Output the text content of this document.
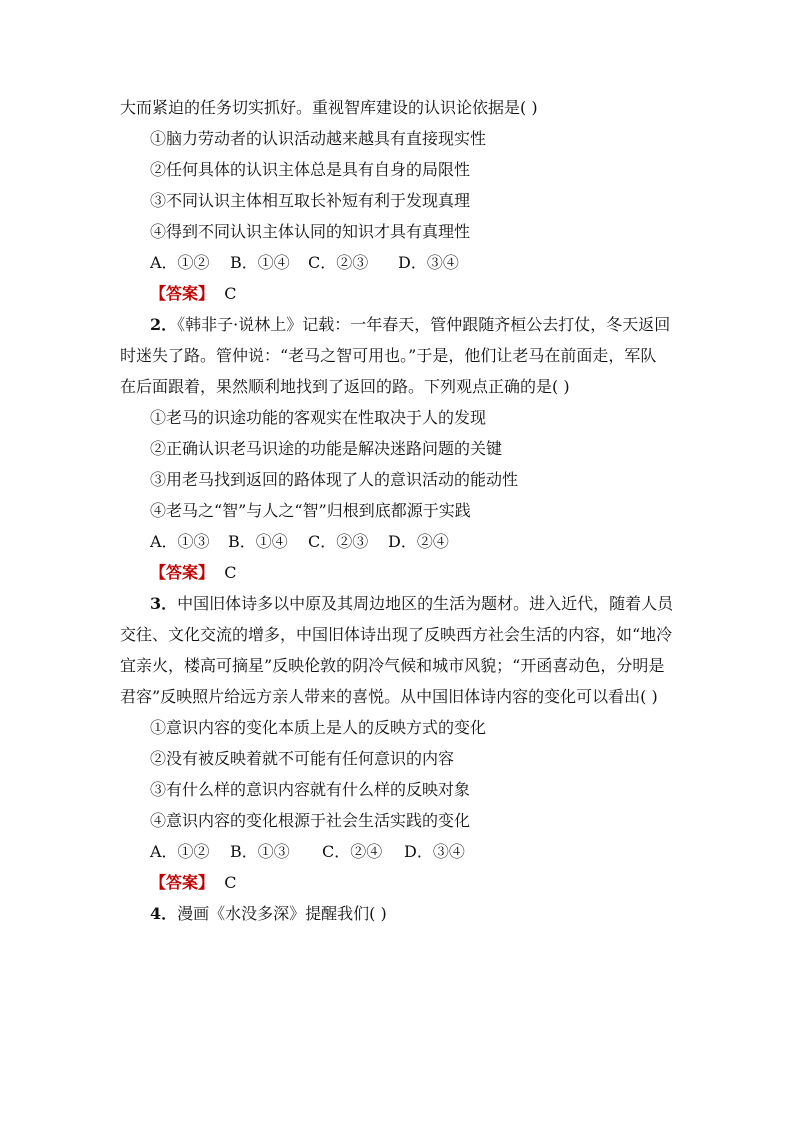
大而紧迫的任务切实抓好。重视智库建设的认识论依据是( )
①脑力劳动者的认识活动越来越具有直接现实性
②任何具体的认识主体总是具有自身的局限性
③不同认识主体相互取长补短有利于发现真理
④得到不同认识主体认同的知识才具有真理性
A．①② B．①④ C．②③ D．③④
【答案】 C
2．《韩非子·说林上》记载：一年春天，管仲跟随齐桓公去打仗，冬天返回
时迷失了路。管仲说：“老马之智可用也。”于是，他们让老马在前面走，军队
在后面跟着，果然顺利地找到了返回的路。下列观点正确的是( )
①老马的识途功能的客观实在性取决于人的发现
②正确认识老马识途的功能是解决迷路问题的关键
③用老马找到返回的路体现了人的意识活动的能动性
④老马之“智”与人之“智”归根到底都源于实践
A．①③ B．①④ C．②③ D．②④
【答案】 C
3．中国旧体诗多以中原及其周边地区的生活为题材。进入近代，随着人员
交往、文化交流的增多，中国旧体诗出现了反映西方社会生活的内容，如“地冷
宜亲火，楼高可摘星”反映伦敦的阴冷气候和城市风貌；“开函喜动色，分明是
君容”反映照片给远方亲人带来的喜悦。从中国旧体诗内容的变化可以看出( )
①意识内容的变化本质上是人的反映方式的变化
②没有被反映着就不可能有任何意识的内容
③有什么样的意识内容就有什么样的反映对象
④意识内容的变化根源于社会生活实践的变化
A．①② B．①③ C．②④ D．③④
【答案】 C
4．漫画《水没多深》提醒我们( )
